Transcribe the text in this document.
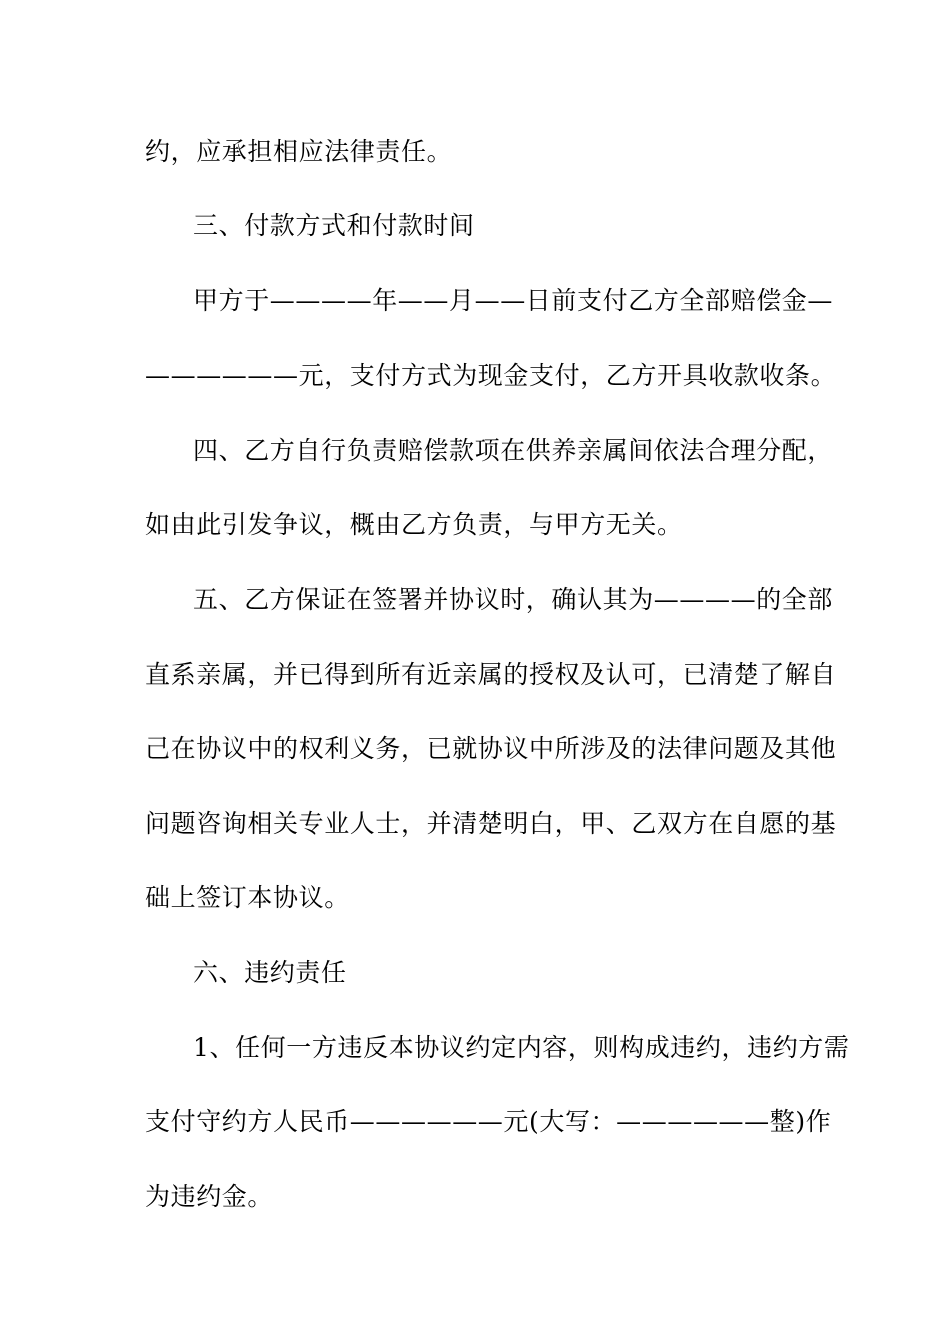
约，应承担相应法律责任。
三、付款方式和付款时间
甲方于————年——月——日前支付乙方全部赔偿金—
——————元，支付方式为现金支付，乙方开具收款收条。
四、乙方自行负责赔偿款项在供养亲属间依法合理分配，
如由此引发争议，概由乙方负责，与甲方无关。
五、乙方保证在签署并协议时，确认其为————的全部
直系亲属，并已得到所有近亲属的授权及认可，已清楚了解自
己在协议中的权利义务，已就协议中所涉及的法律问题及其他
问题咨询相关专业人士，并清楚明白，甲、乙双方在自愿的基
础上签订本协议。
六、违约责任
1、任何一方违反本协议约定内容，则构成违约，违约方需
支付守约方人民币——————元(大写：——————整)作
为违约金。
